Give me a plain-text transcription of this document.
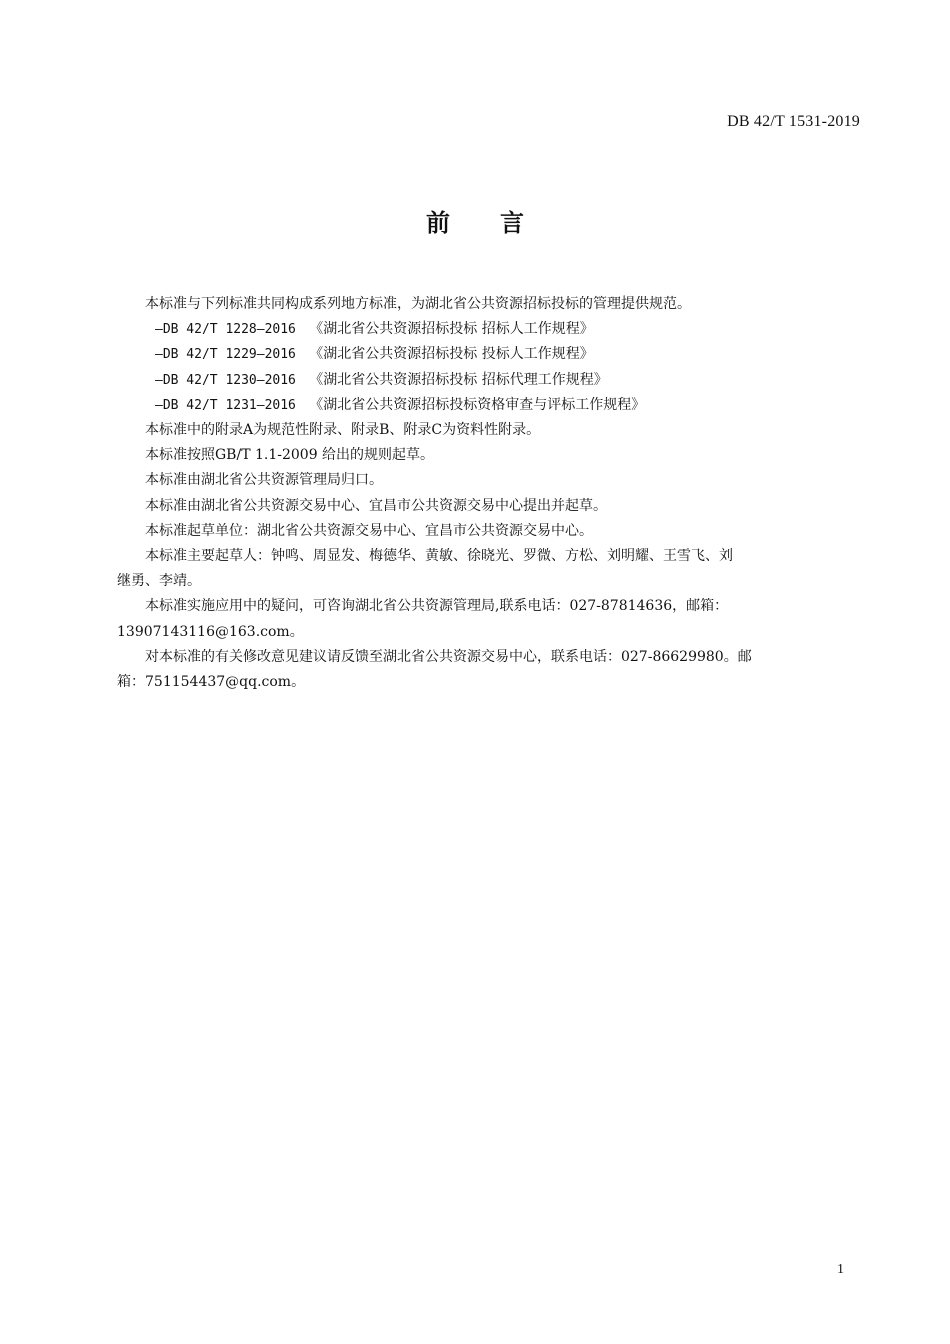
DB 42/T 1531-2019
前 言

本标准与下列标准共同构成系列地方标准，为湖北省公共资源招标投标的管理提供规范。

—DB 42/T 1228—2016 《湖北省公共资源招标投标 招标人工作规程》

—DB 42/T 1229—2016 《湖北省公共资源招标投标 投标人工作规程》

—DB 42/T 1230—2016 《湖北省公共资源招标投标 招标代理工作规程》

—DB 42/T 1231—2016 《湖北省公共资源招标投标资格审查与评标工作规程》

本标准中的附录A为规范性附录、附录B、附录C为资料性附录。

本标准按照GB/T 1.1-2009 给出的规则起草。

本标准由湖北省公共资源管理局归口。

本标准由湖北省公共资源交易中心、宜昌市公共资源交易中心提出并起草。

本标准起草单位：湖北省公共资源交易中心、宜昌市公共资源交易中心。

本标准主要起草人：钟鸣、周显发、梅德华、黄敏、徐晓光、罗微、方松、刘明耀、王雪飞、刘

继勇、李靖。

本标准实施应用中的疑问，可咨询湖北省公共资源管理局,联系电话：027-87814636，邮箱：

13907143116@163.com。

对本标准的有关修改意见建议请反馈至湖北省公共资源交易中心，联系电话：027-86629980。邮

箱：751154437@qq.com。

1
